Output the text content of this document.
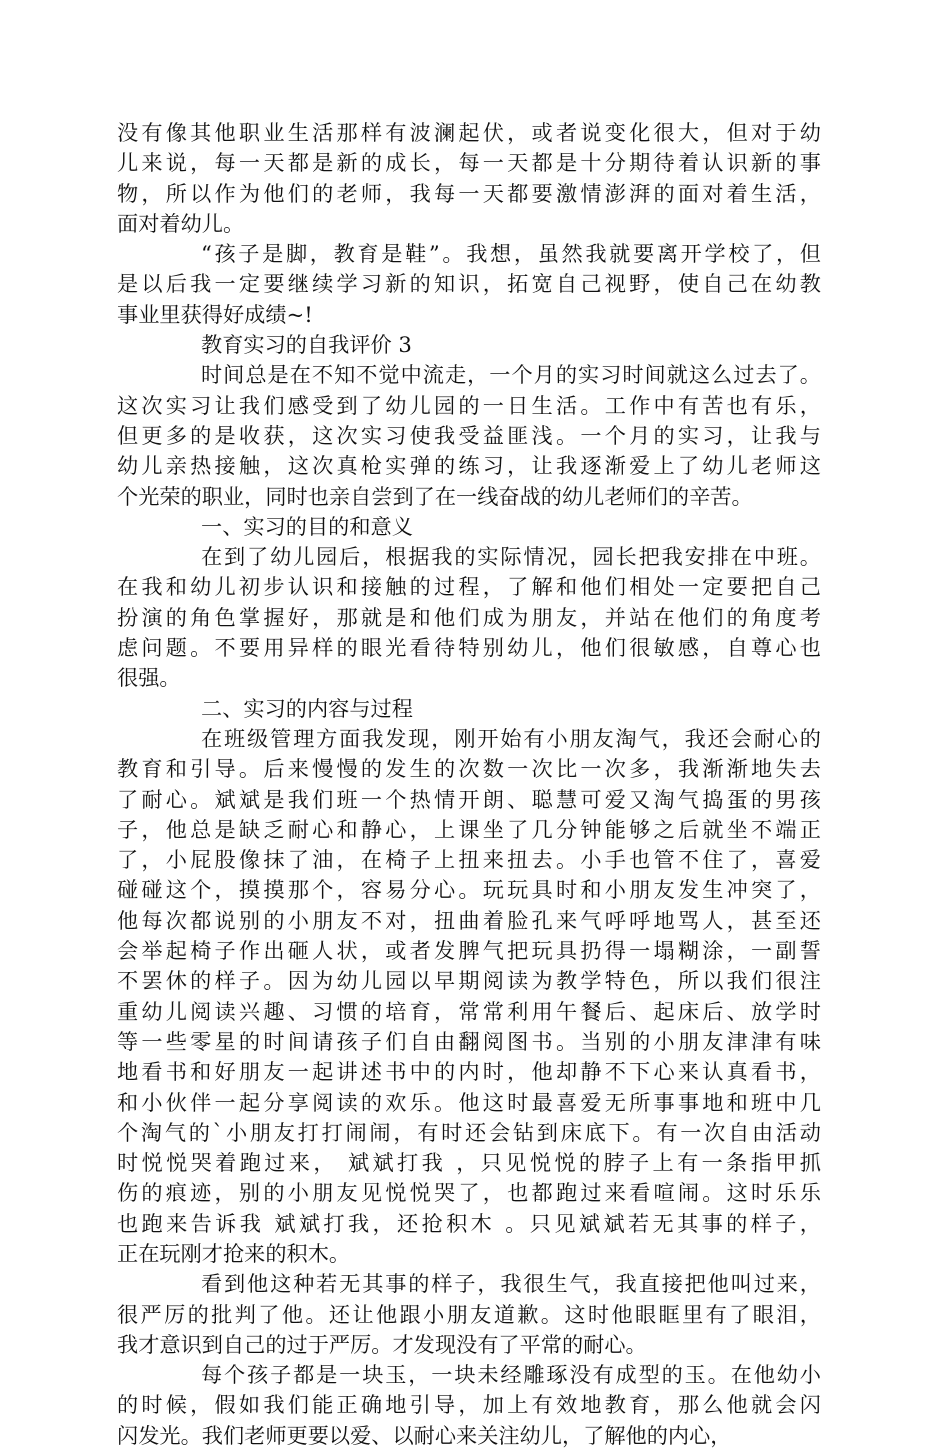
没有像其他职业生活那样有波澜起伏，或者说变化很大，但对于幼
儿来说，每一天都是新的成长，每一天都是十分期待着认识新的事
物，所以作为他们的老师，我每一天都要激情澎湃的面对着生活，
面对着幼儿。
“孩子是脚，教育是鞋”。我想，虽然我就要离开学校了，但
是以后我一定要继续学习新的知识，拓宽自己视野，使自己在幼教
事业里获得好成绩~!
教育实习的自我评价 3
时间总是在不知不觉中流走，一个月的实习时间就这么过去了。
这次实习让我们感受到了幼儿园的一日生活。工作中有苦也有乐，
但更多的是收获，这次实习使我受益匪浅。一个月的实习，让我与
幼儿亲热接触，这次真枪实弹的练习，让我逐渐爱上了幼儿老师这
个光荣的职业，同时也亲自尝到了在一线奋战的幼儿老师们的辛苦。
一、实习的目的和意义
在到了幼儿园后，根据我的实际情况，园长把我安排在中班。
在我和幼儿初步认识和接触的过程，了解和他们相处一定要把自己
扮演的角色掌握好，那就是和他们成为朋友，并站在他们的角度考
虑问题。不要用异样的眼光看待特别幼儿，他们很敏感，自尊心也
很强。
二、实习的内容与过程
在班级管理方面我发现，刚开始有小朋友淘气，我还会耐心的
教育和引导。后来慢慢的发生的次数一次比一次多，我渐渐地失去
了耐心。斌斌是我们班一个热情开朗、聪慧可爱又淘气捣蛋的男孩
子，他总是缺乏耐心和静心，上课坐了几分钟能够之后就坐不端正
了，小屁股像抹了油，在椅子上扭来扭去。小手也管不住了，喜爱
碰碰这个，摸摸那个，容易分心。玩玩具时和小朋友发生冲突了，
他每次都说别的小朋友不对，扭曲着脸孔来气呼呼地骂人，甚至还
会举起椅子作出砸人状，或者发脾气把玩具扔得一塌糊涂，一副誓
不罢休的样子。因为幼儿园以早期阅读为教学特色，所以我们很注
重幼儿阅读兴趣、习惯的培育，常常利用午餐后、起床后、放学时
等一些零星的时间请孩子们自由翻阅图书。当别的小朋友津津有味
地看书和好朋友一起讲述书中的内时，他却静不下心来认真看书，
和小伙伴一起分享阅读的欢乐。他这时最喜爱无所事事地和班中几
个淘气的`小朋友打打闹闹，有时还会钻到床底下。有一次自由活动
时悦悦哭着跑过来， 斌斌打我 ，只见悦悦的脖子上有一条指甲抓
伤的痕迹，别的小朋友见悦悦哭了，也都跑过来看喧闹。这时乐乐
也跑来告诉我 斌斌打我，还抢积木 。只见斌斌若无其事的样子，
正在玩刚才抢来的积木。
看到他这种若无其事的样子，我很生气，我直接把他叫过来，
很严厉的批判了他。还让他跟小朋友道歉。这时他眼眶里有了眼泪，
我才意识到自己的过于严厉。才发现没有了平常的耐心。
每个孩子都是一块玉，一块未经雕琢没有成型的玉。在他幼小
的时候，假如我们能正确地引导，加上有效地教育，那么他就会闪
闪发光。我们老师更要以爱、以耐心来关注幼儿，了解他的内心，
